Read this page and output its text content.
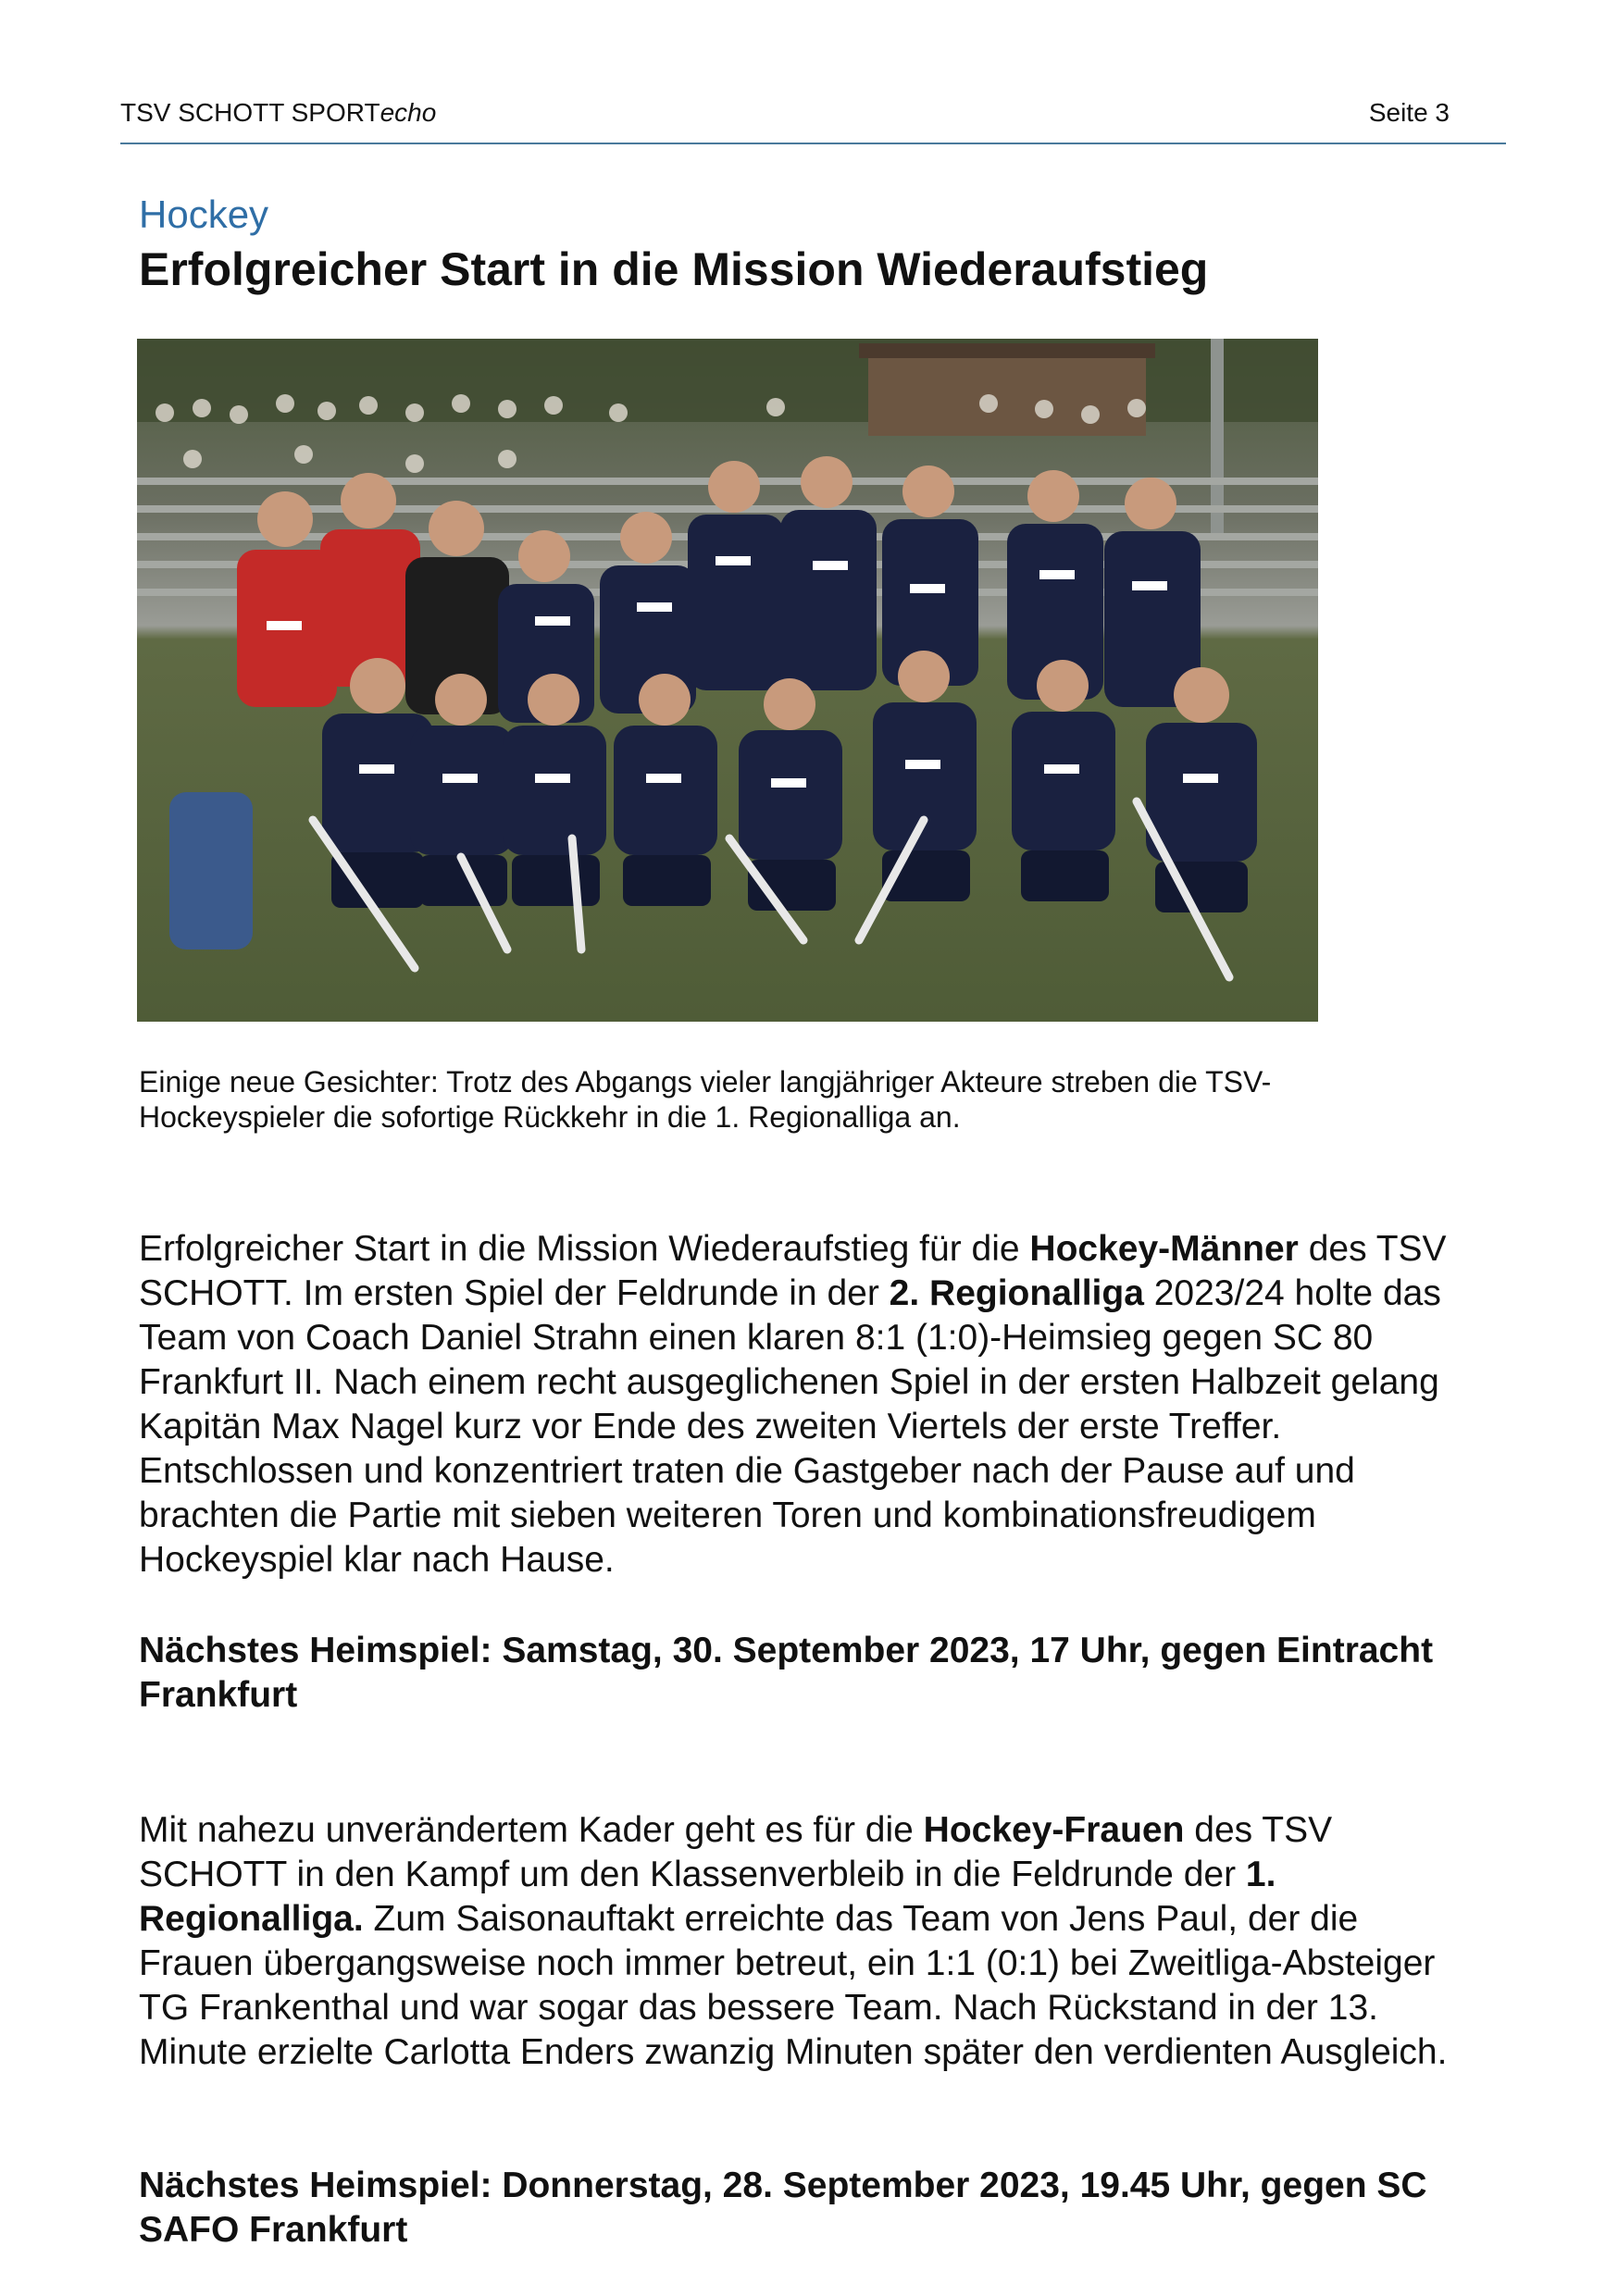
TSV SCHOTT SPORTecho	Seite 3
Hockey
Erfolgreicher Start in die Mission Wiederaufstieg
Einige neue Gesichter: Trotz des Abgangs vieler langjähriger Akteure streben die TSV-Hockeyspieler die sofortige Rückkehr in die 1. Regionalliga an.

Erfolgreicher Start in die Mission Wiederaufstieg für die Hockey-Männer des TSV SCHOTT. Im ersten Spiel der Feldrunde in der 2. Regionalliga 2023/24 holte das Team von Coach Daniel Strahn einen klaren 8:1 (1:0)-Heimsieg gegen SC 80 Frankfurt II. Nach einem recht ausgeglichenen Spiel in der ersten Halbzeit gelang Kapitän Max Nagel kurz vor Ende des zweiten Viertels der erste Treffer. Entschlossen und konzentriert traten die Gastgeber nach der Pause auf und brachten die Partie mit sieben weiteren Toren und kombinationsfreudigem Hockeyspiel klar nach Hause.

Nächstes Heimspiel: Samstag, 30. September 2023, 17 Uhr, gegen Eintracht Frankfurt

Mit nahezu unverändertem Kader geht es für die Hockey-Frauen des TSV SCHOTT in den Kampf um den Klassenverbleib in die Feldrunde der 1. Regionalliga. Zum Saisonauftakt erreichte das Team von Jens Paul, der die Frauen übergangsweise noch immer betreut, ein 1:1 (0:1) bei Zweitliga-Absteiger TG Frankenthal und war sogar das bessere Team. Nach Rückstand in der 13. Minute erzielte Carlotta Enders zwanzig Minuten später den verdienten Ausgleich.

Nächstes Heimspiel: Donnerstag, 28. September 2023, 19.45 Uhr, gegen SC SAFO Frankfurt
